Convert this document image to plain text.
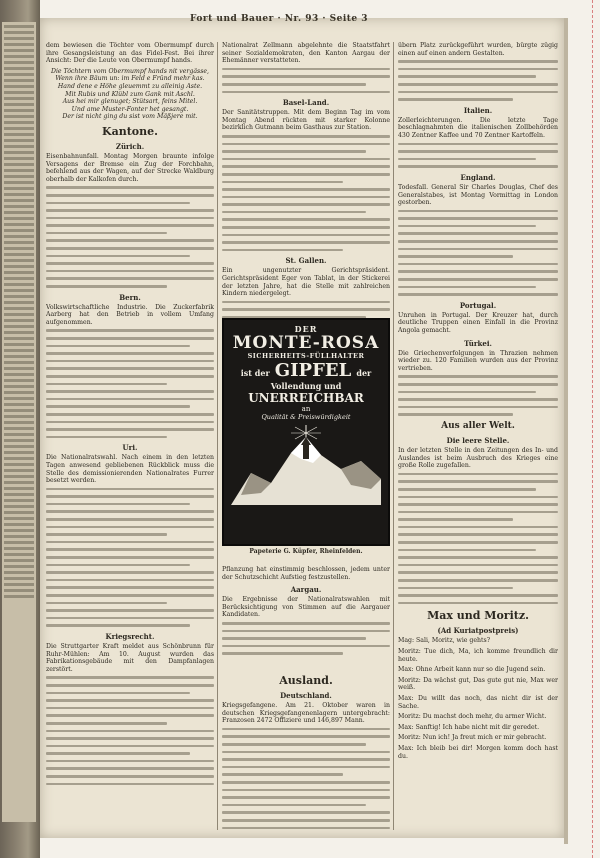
dem bewiesen die Töchter vom Obermumpf durch ihre Gesangsleistung an das Fidel-Fest. Bei ihrer Ansicht: Der die Leute von Obermumpf hands.

Die Töchtern vom Obermumpf hands nit vergässe,
Wenn ihre Bäum un: im Feld e Fründ mehr kas.
Hand dene e Höhe gleuemmt zu alleinig Aste.
Mit Rubis und Klübl zum Gank mit Aschl.
Aus hei mir glenuget; Stütsart, feins Mitel.
Und ame Muster-Fonter het gesangt.
Der ist nicht ging du sist vom Mäßjere mit.
Kantone.
Zürich.

Eisenbahnunfall. Montag Morgen braunte infolge Versagens der Bremse ein Zug der Forchbahn, befehlend aus der Wagen, auf der Strecke Waldburg oberhalb der Kalkofen durch.

Bern.

Volkswirtschaftliche Industrie. Die Zuckerfabrik Aarberg hat den Betrieb in vollem Umfang aufgenommen.

Uri.

Die Nationalratswahl. Nach einem in den letzten Tagen anwesend gebliebenen Rückblick muss die Stelle des demissionierenden Nationalrates Furrer besetzt werden.

Kriegsrecht.

Die Struttgarter Kraft meldet aus Schönbrunn für Ruhr-Mühlen: Am 10. August wurden das Fabrikationsgebäude mit den Dampfanlagen zerstört.

Nationalrat Zellmann abgelehnte die Staatstfahrt seiner Sozialdemokraten, den Kanton Aargau der Ehemänner verstatteten.

Basel-Land.

Der Sanitätstruppen. Mit dem Beginn Tag im vom Montag Abend rückten mit starker Kolonne bezirklich Gutmann beim Gasthaus zur Station.

St. Gallen.

Ein ungenutzter Gerichtspräsident. Gerichtspräsident Eger von Tablat, in der Stickerei der letzten Jahre, hat die Stelle mit zahlreichen Kindern niedergelegt.

Pflanzung hat einstimmig beschlossen, jedem unter der Schutzschicht Aufstieg festzustellen.

Aargau.

Die Ergebnisse der Nationalratswahlen mit Berücksichtigung von Stimmen auf die Aargauer Kandidaten.

Ausland.
Deutschland.

Kriegsgefangene. Am 21. Oktober waren in deutschen Kriegsgefangenenlagern untergebracht: Franzosen 2472 Offiziere und 146,897 Mann.

übern Platz zurückgeführt wurden, bürgte zügig einen auf einen andern Gestalten.

Italien.

Zollerleichterungen. Die letzte Tage beschlagnahmten die italienischen Zollbehörden 430 Zentner Kaffee und 70 Zentner Kartoffeln.

England.

Todesfall. General Sir Charles Douglas, Chef des Generalstabes, ist Montag Vormittag in London gestorben.

Portugal.

Unruhen in Portugal. Der Kreuzer hat, durch deutliche Truppen einen Einfall in die Provinz Angola gemacht.

Türkei.

Die Griechenverfolgungen in Thrazien nehmen wieder zu. 120 Familien wurden aus der Provinz vertrieben.

Aus aller Welt.
Die leere Stelle.

In der letzten Stelle in den Zeitungen des In- und Auslandes ist beim Ausbruch des Krieges eine große Rolle zugefallen.

Max und Moritz.
(Ad Kuriatpostpreis)

Mag: Sali, Moritz, wie gehts?

Moritz: Tue dich, Ma, ich komme freundlich dir heute.

Max: Ohne Arbeit kann nur so die Jugend sein.

Moritz: Da wächst gut, Das gute gut nie, Max wer weiß.

Max: Du willt das noch, das nicht dir ist der Sache.

Moritz: Du machst doch mehr, du armer Wicht.

Max: Sanftig! Ich habe nicht mit dir geredet.

Moritz: Nun ich! Ja freut mich er mir gebracht.

Max: Ich bleib bei dir! Morgen komm doch hast du.

DER
MONTE-ROSA
SICHERHEITS-FÜLLHALTER
ist der GIPFEL der
Vollendung und
UNERREICHBAR
an
Qualität & Preiswürdigkeit
Papeterie G. Küpfer, Rheinfelden.
Fort und Bauer · Nr. 93 · Seite 3
